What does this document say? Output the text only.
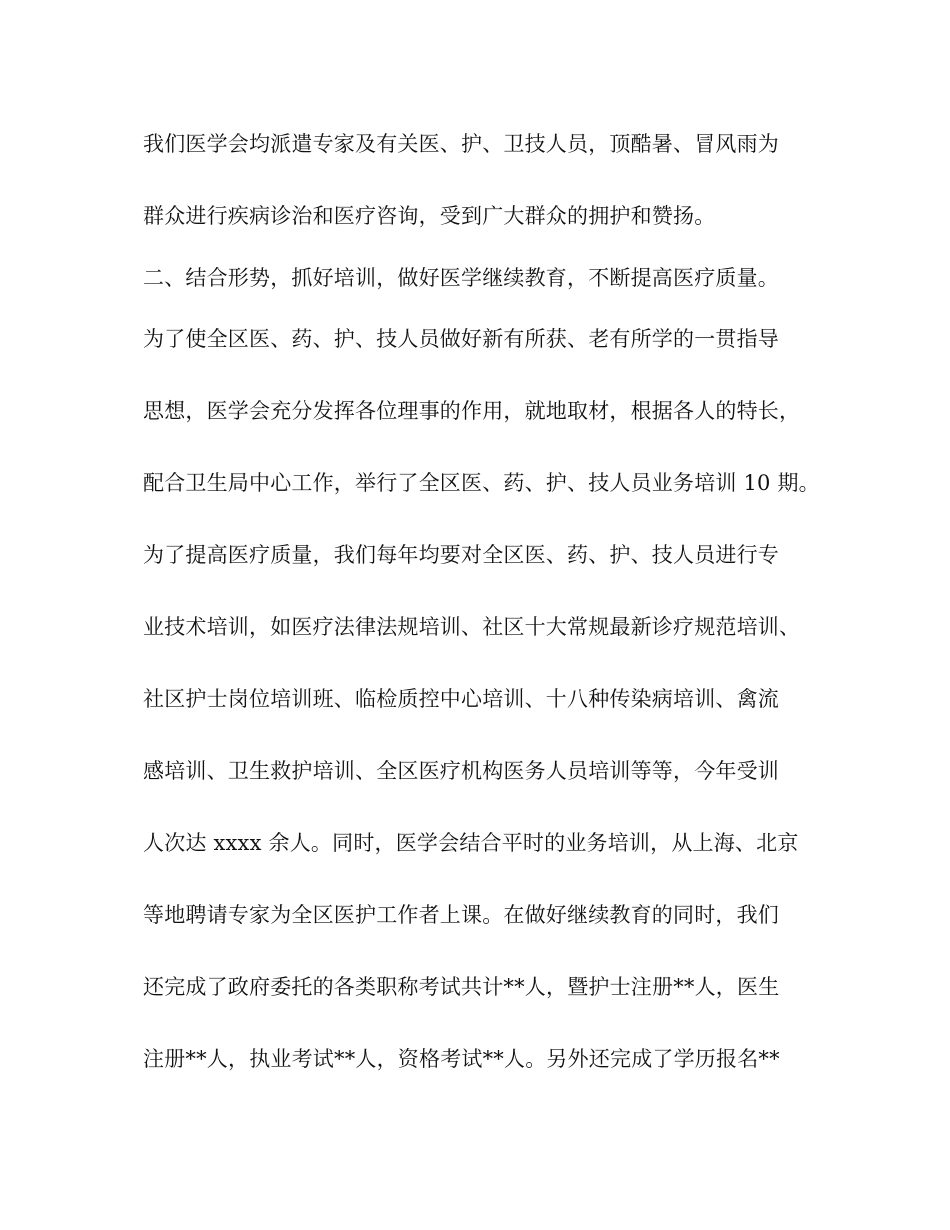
我们医学会均派遣专家及有关医、护、卫技人员，顶酷暑、冒风雨为
群众进行疾病诊治和医疗咨询，受到广大群众的拥护和赞扬。
二、结合形势，抓好培训，做好医学继续教育，不断提高医疗质量。
为了使全区医、药、护、技人员做好新有所获、老有所学的一贯指导
思想，医学会充分发挥各位理事的作用，就地取材，根据各人的特长，
配合卫生局中心工作，举行了全区医、药、护、技人员业务培训 10 期。
为了提高医疗质量，我们每年均要对全区医、药、护、技人员进行专
业技术培训，如医疗法律法规培训、社区十大常规最新诊疗规范培训、
社区护士岗位培训班、临检质控中心培训、十八种传染病培训、禽流
感培训、卫生救护培训、全区医疗机构医务人员培训等等，今年受训
人次达 xxxx 余人。同时，医学会结合平时的业务培训，从上海、北京
等地聘请专家为全区医护工作者上课。在做好继续教育的同时，我们
还完成了政府委托的各类职称考试共计**人，暨护士注册**人，医生
注册**人，执业考试**人，资格考试**人。另外还完成了学历报名**
